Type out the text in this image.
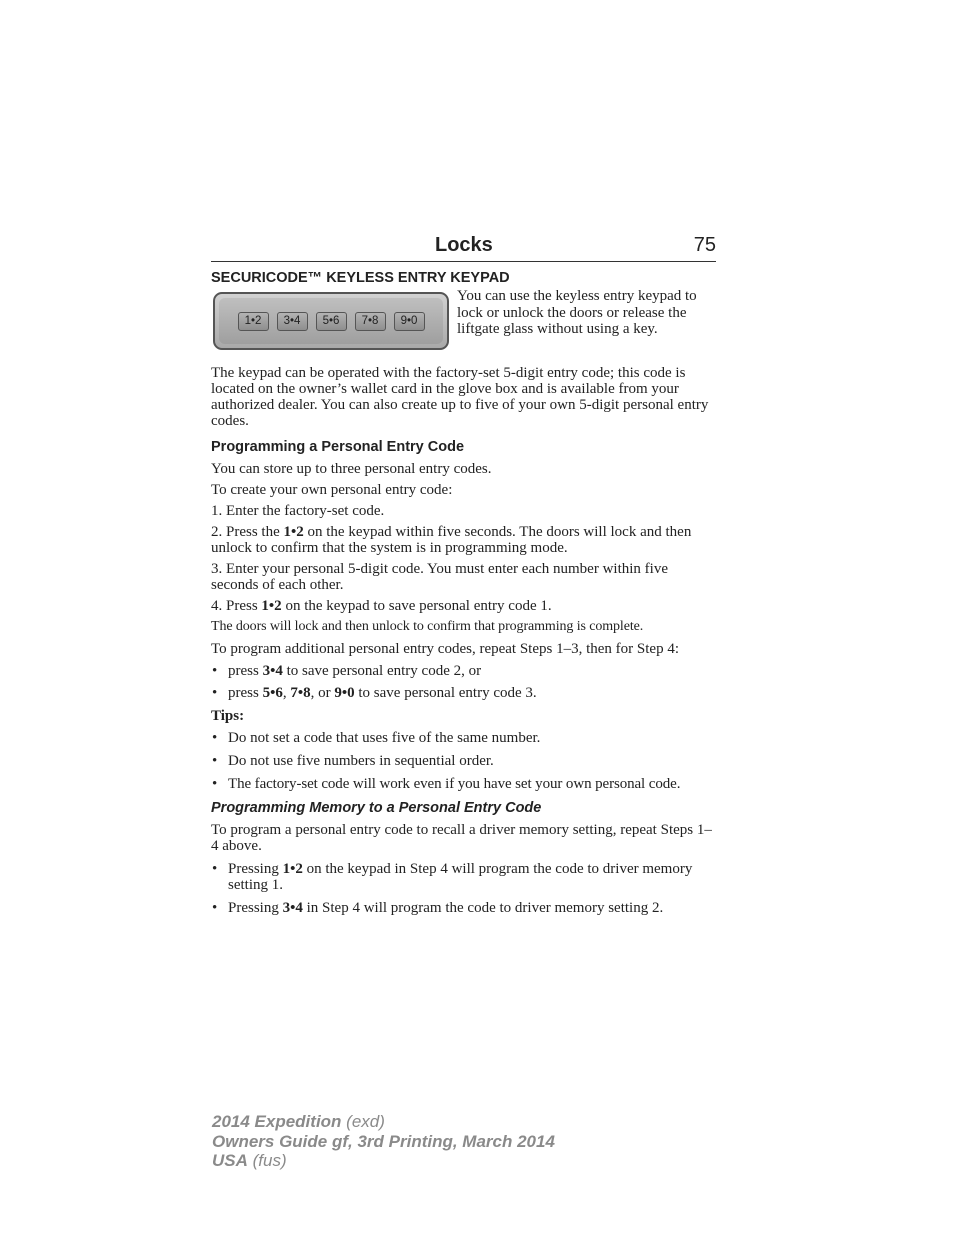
Locks	75
SECURICODE™ KEYLESS ENTRY KEYPAD
1•2	3•4	5•6	7•8	9•0
You can use the keyless entry keypad to lock or unlock the doors or release the liftgate glass without using a key.

The keypad can be operated with the factory-set 5-digit entry code; this code is located on the owner’s wallet card in the glove box and is available from your authorized dealer. You can also create up to five of your own 5-digit personal entry codes.

Programming a Personal Entry Code

You can store up to three personal entry codes.

To create your own personal entry code:

1. Enter the factory-set code.

2. Press the 1•2 on the keypad within five seconds. The doors will lock and then unlock to confirm that the system is in programming mode.

3. Enter your personal 5-digit code. You must enter each number within five seconds of each other.

4. Press 1•2 on the keypad to save personal entry code 1.

The doors will lock and then unlock to confirm that programming is complete.

To program additional personal entry codes, repeat Steps 1–3, then for Step 4:

• press 3•4 to save personal entry code 2, or
• press 5•6, 7•8, or 9•0 to save personal entry code 3.

Tips:

• Do not set a code that uses five of the same number.
• Do not use five numbers in sequential order.
• The factory-set code will work even if you have set your own personal code.
Programming Memory to a Personal Entry Code

To program a personal entry code to recall a driver memory setting, repeat Steps 1–4 above.

• Pressing 1•2 on the keypad in Step 4 will program the code to driver memory setting 1.
• Pressing 3•4 in Step 4 will program the code to driver memory setting 2.
2014 Expedition (exd)
Owners Guide gf, 3rd Printing, March 2014
USA (fus)
